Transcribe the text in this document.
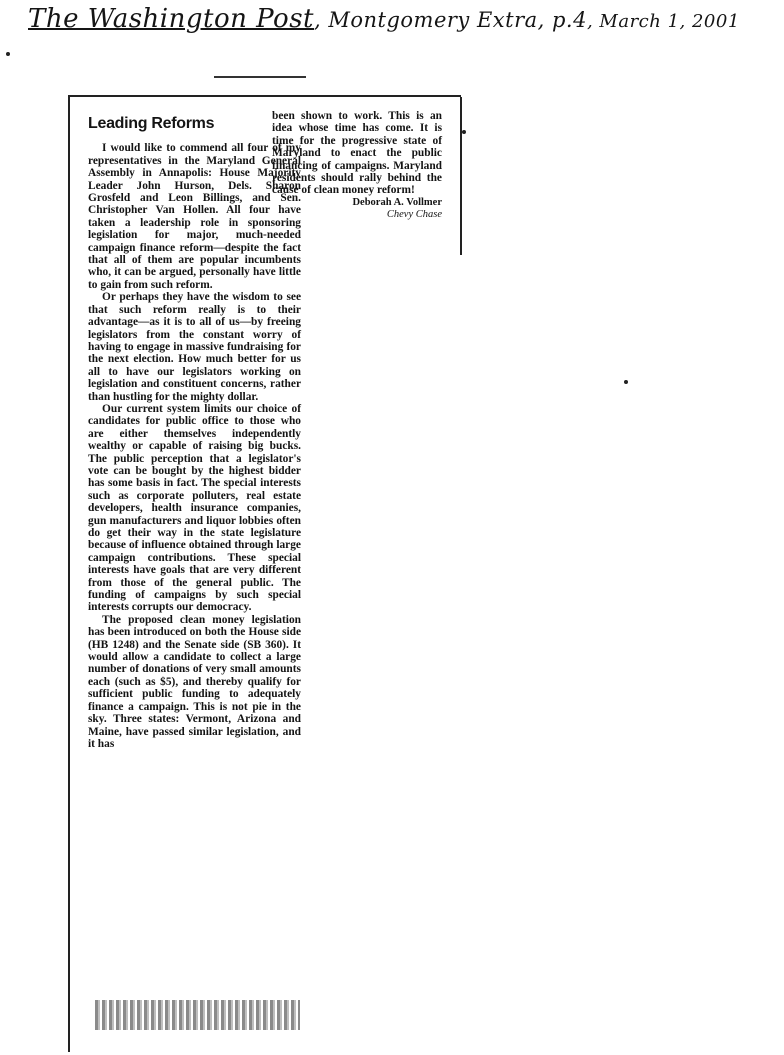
The Washington Post, Montgomery Extra, p.4, March 1, 2001
Leading Reforms

I would like to commend all four of my representatives in the Maryland General Assembly in Annapolis: House Majority Leader John Hurson, Dels. Sharon Grosfeld and Leon Billings, and Sen. Christopher Van Hollen. All four have taken a leadership role in sponsoring legislation for major, much-needed campaign finance reform—despite the fact that all of them are popular incumbents who, it can be argued, personally have little to gain from such reform.

Or perhaps they have the wisdom to see that such reform really is to their advantage—as it is to all of us—by freeing legislators from the constant worry of having to engage in massive fundraising for the next election. How much better for us all to have our legislators working on legislation and constituent concerns, rather than hustling for the mighty dollar.

Our current system limits our choice of candidates for public office to those who are either themselves independently wealthy or capable of raising big bucks. The public perception that a legislator's vote can be bought by the highest bidder has some basis in fact. The special interests such as corporate polluters, real estate developers, health insurance companies, gun manufacturers and liquor lobbies often do get their way in the state legislature because of influence obtained through large campaign contributions. These special interests have goals that are very different from those of the general public. The funding of campaigns by such special interests corrupts our democracy.

The proposed clean money legislation has been introduced on both the House side (HB 1248) and the Senate side (SB 360). It would allow a candidate to collect a large number of donations of very small amounts each (such as $5), and thereby qualify for sufficient public funding to adequately finance a campaign. This is not pie in the sky. Three states: Vermont, Arizona and Maine, have passed similar legislation, and it has

been shown to work. This is an idea whose time has come. It is time for the progressive state of Maryland to enact the public financing of campaigns. Maryland residents should rally behind the cause of clean money reform!

Deborah A. Vollmer

Chevy Chase
